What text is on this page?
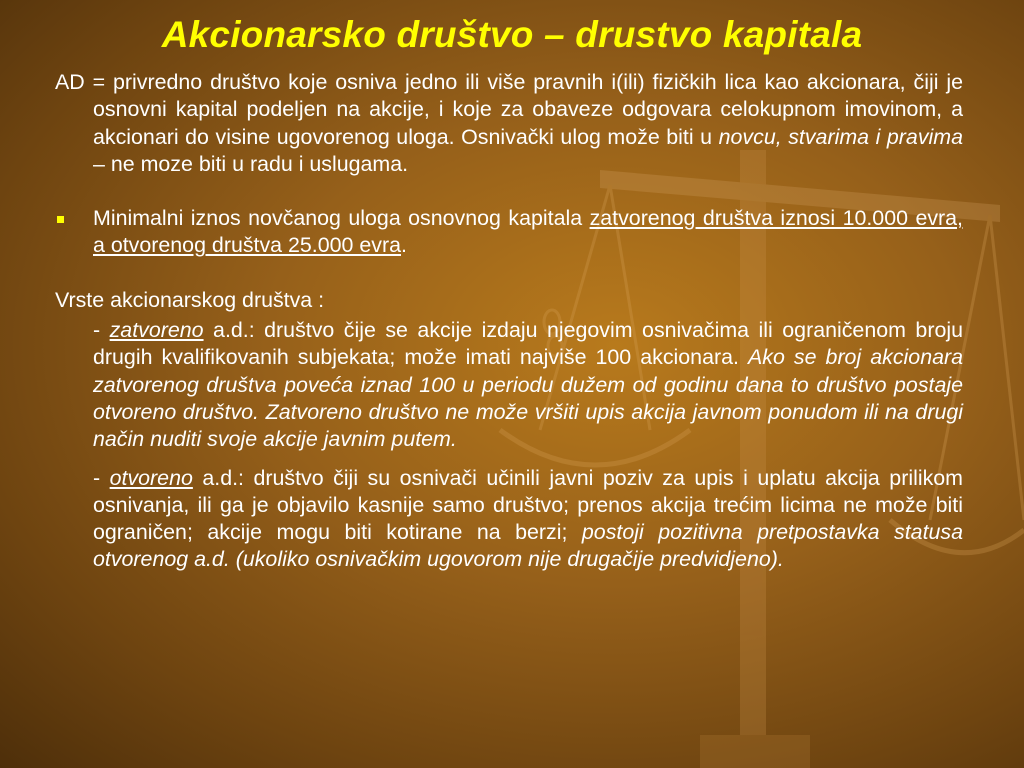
Akcionarsko društvo – drustvo kapitala

AD = privredno društvo koje osniva jedno ili više pravnih i(ili) fizičkih lica kao akcionara, čiji je osnovni kapital podeljen na akcije, i koje za obaveze odgovara celokupnom imovinom, a akcionari do visine ugovorenog uloga. Osnivački ulog može biti u novcu, stvarima i pravima – ne moze biti u radu i uslugama.

Minimalni iznos novčanog uloga osnovnog kapitala zatvorenog društva iznosi 10.000 evra, a otvorenog društva 25.000 evra.

Vrste akcionarskog društva :

- zatvoreno a.d.: društvo čije se akcije izdaju njegovim osnivačima ili ograničenom broju drugih kvalifikovanih subjekata; može imati najviše 100 akcionara. Ako se broj akcionara zatvorenog društva poveća iznad 100 u periodu dužem od godinu dana to društvo postaje otvoreno društvo. Zatvoreno društvo ne može vršiti upis akcija javnom ponudom ili na drugi način nuditi svoje akcije javnim putem.

- otvoreno a.d.: društvo čiji su osnivači učinili javni poziv za upis i uplatu akcija prilikom osnivanja, ili ga je objavilo kasnije samo društvo; prenos akcija trećim licima ne može biti ograničen; akcije mogu biti kotirane na berzi; postoji pozitivna pretpostavka statusa otvorenog a.d. (ukoliko osnivačkim ugovorom nije drugačije predvidjeno).
